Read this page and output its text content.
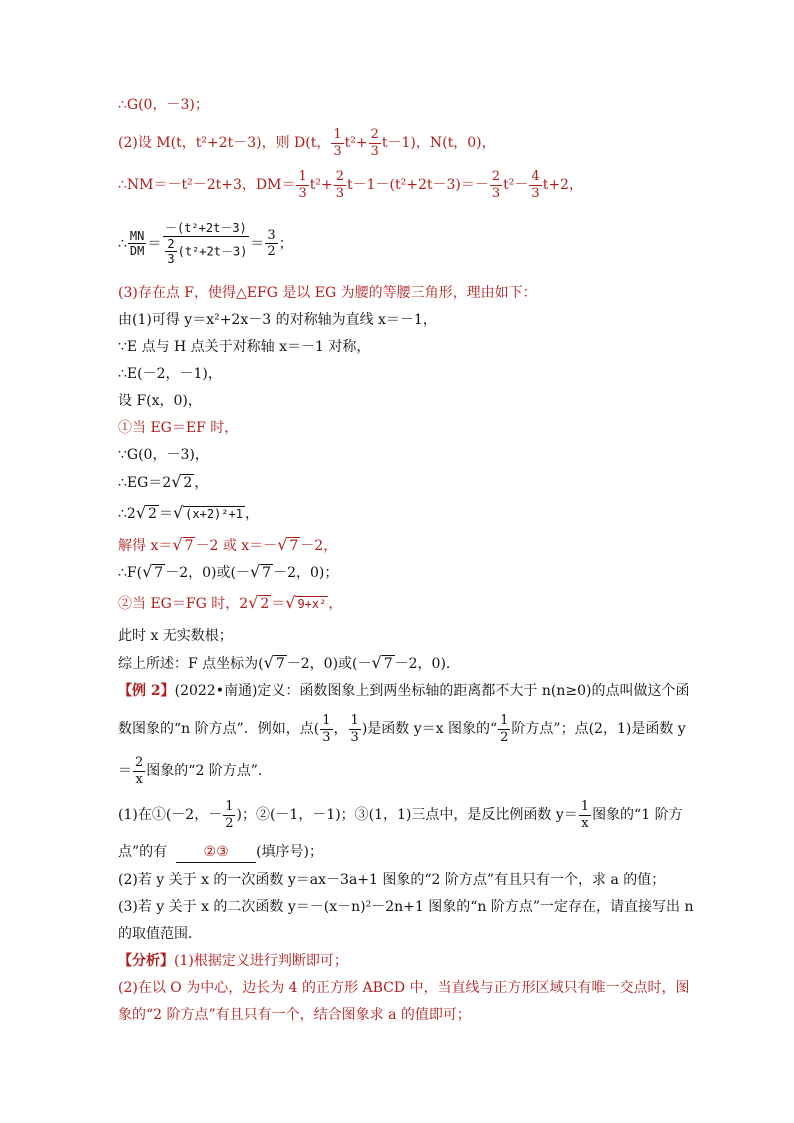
∴G(0，－3)；
(2)设 M(t，t²+2t－3)，则 D(t， $\frac{1}{3} t^2+ \frac{2}{3} t-1$)，N(t，0)，
∴NM＝－t²－2t+3，$DM= \frac{1}{3} t^2+ \frac{2}{3} t-1-(t^2+2t-3)=- \frac{2}{3} t^2- \frac{4}{3} t+2$，
∴ $\frac{MN}{DM} = \frac{\text{－(t²+2t－3)}}{\frac{2}{3} (t^2+2t-3)} = \frac{3}{2}$ ；
(3)存在点 F，使得△EFG 是以 EG 为腰的等腰三角形，理由如下：
由(1)可得 y＝x²+2x－3 的对称轴为直线 x＝－1，
∵E 点与 H 点关于对称轴 x＝－1 对称，
∴E(－2，－1)，
设 F(x，0)，
①当 EG＝EF 时，
∵G(0，－3)，
∴EG＝2√ 2 ，
∴2√ 2 ＝√ (x+2)²+1 ，
解得 x＝√ 7 －2 或 x＝－√ 7 －2，
∴F(√ 7 －2，0)或(－√ 7 －2，0)；
②当 EG＝FG 时，2√ 2 ＝√ 9+x² ，
此时 x 无实数根；
综上所述：F 点坐标为(√ 7 －2，0)或(－√ 7 －2，0).
【例 2】(2022•南通)定义：函数图象上到两坐标轴的距离都不大于 n(n≥0)的点叫做这个函
数图象的“n 阶方点”．例如，点( $\frac{1}{3}$ ， $\frac{1}{3}$ )是函数 y＝x 图象的“ $\frac{1}{2}$ 阶方点”；点(2，1)是函数 y
＝ $\frac{2}{x}$ 图象的“2 阶方点”．
(1)在①(－2，－ $\frac{1}{2}$ )；②(－1，－1)；③(1，1)三点中，是反比例函数 $y= \frac{1}{x}$ 图象的“1 阶方
点”的有	②③ (填序号)；
(2)若 y 关于 x 的一次函数 y＝ax－3a+1 图象的“2 阶方点”有且只有一个，求 a 的值；
(3)若 y 关于 x 的二次函数 y＝－(x－n)²－2n+1 图象的“n 阶方点”一定存在，请直接写出 n
的取值范围．
【分析】(1)根据定义进行判断即可；
(2)在以 O 为中心，边长为 4 的正方形 ABCD 中，当直线与正方形区域只有唯一交点时，图
象的“2 阶方点”有且只有一个，结合图象求 a 的值即可；
